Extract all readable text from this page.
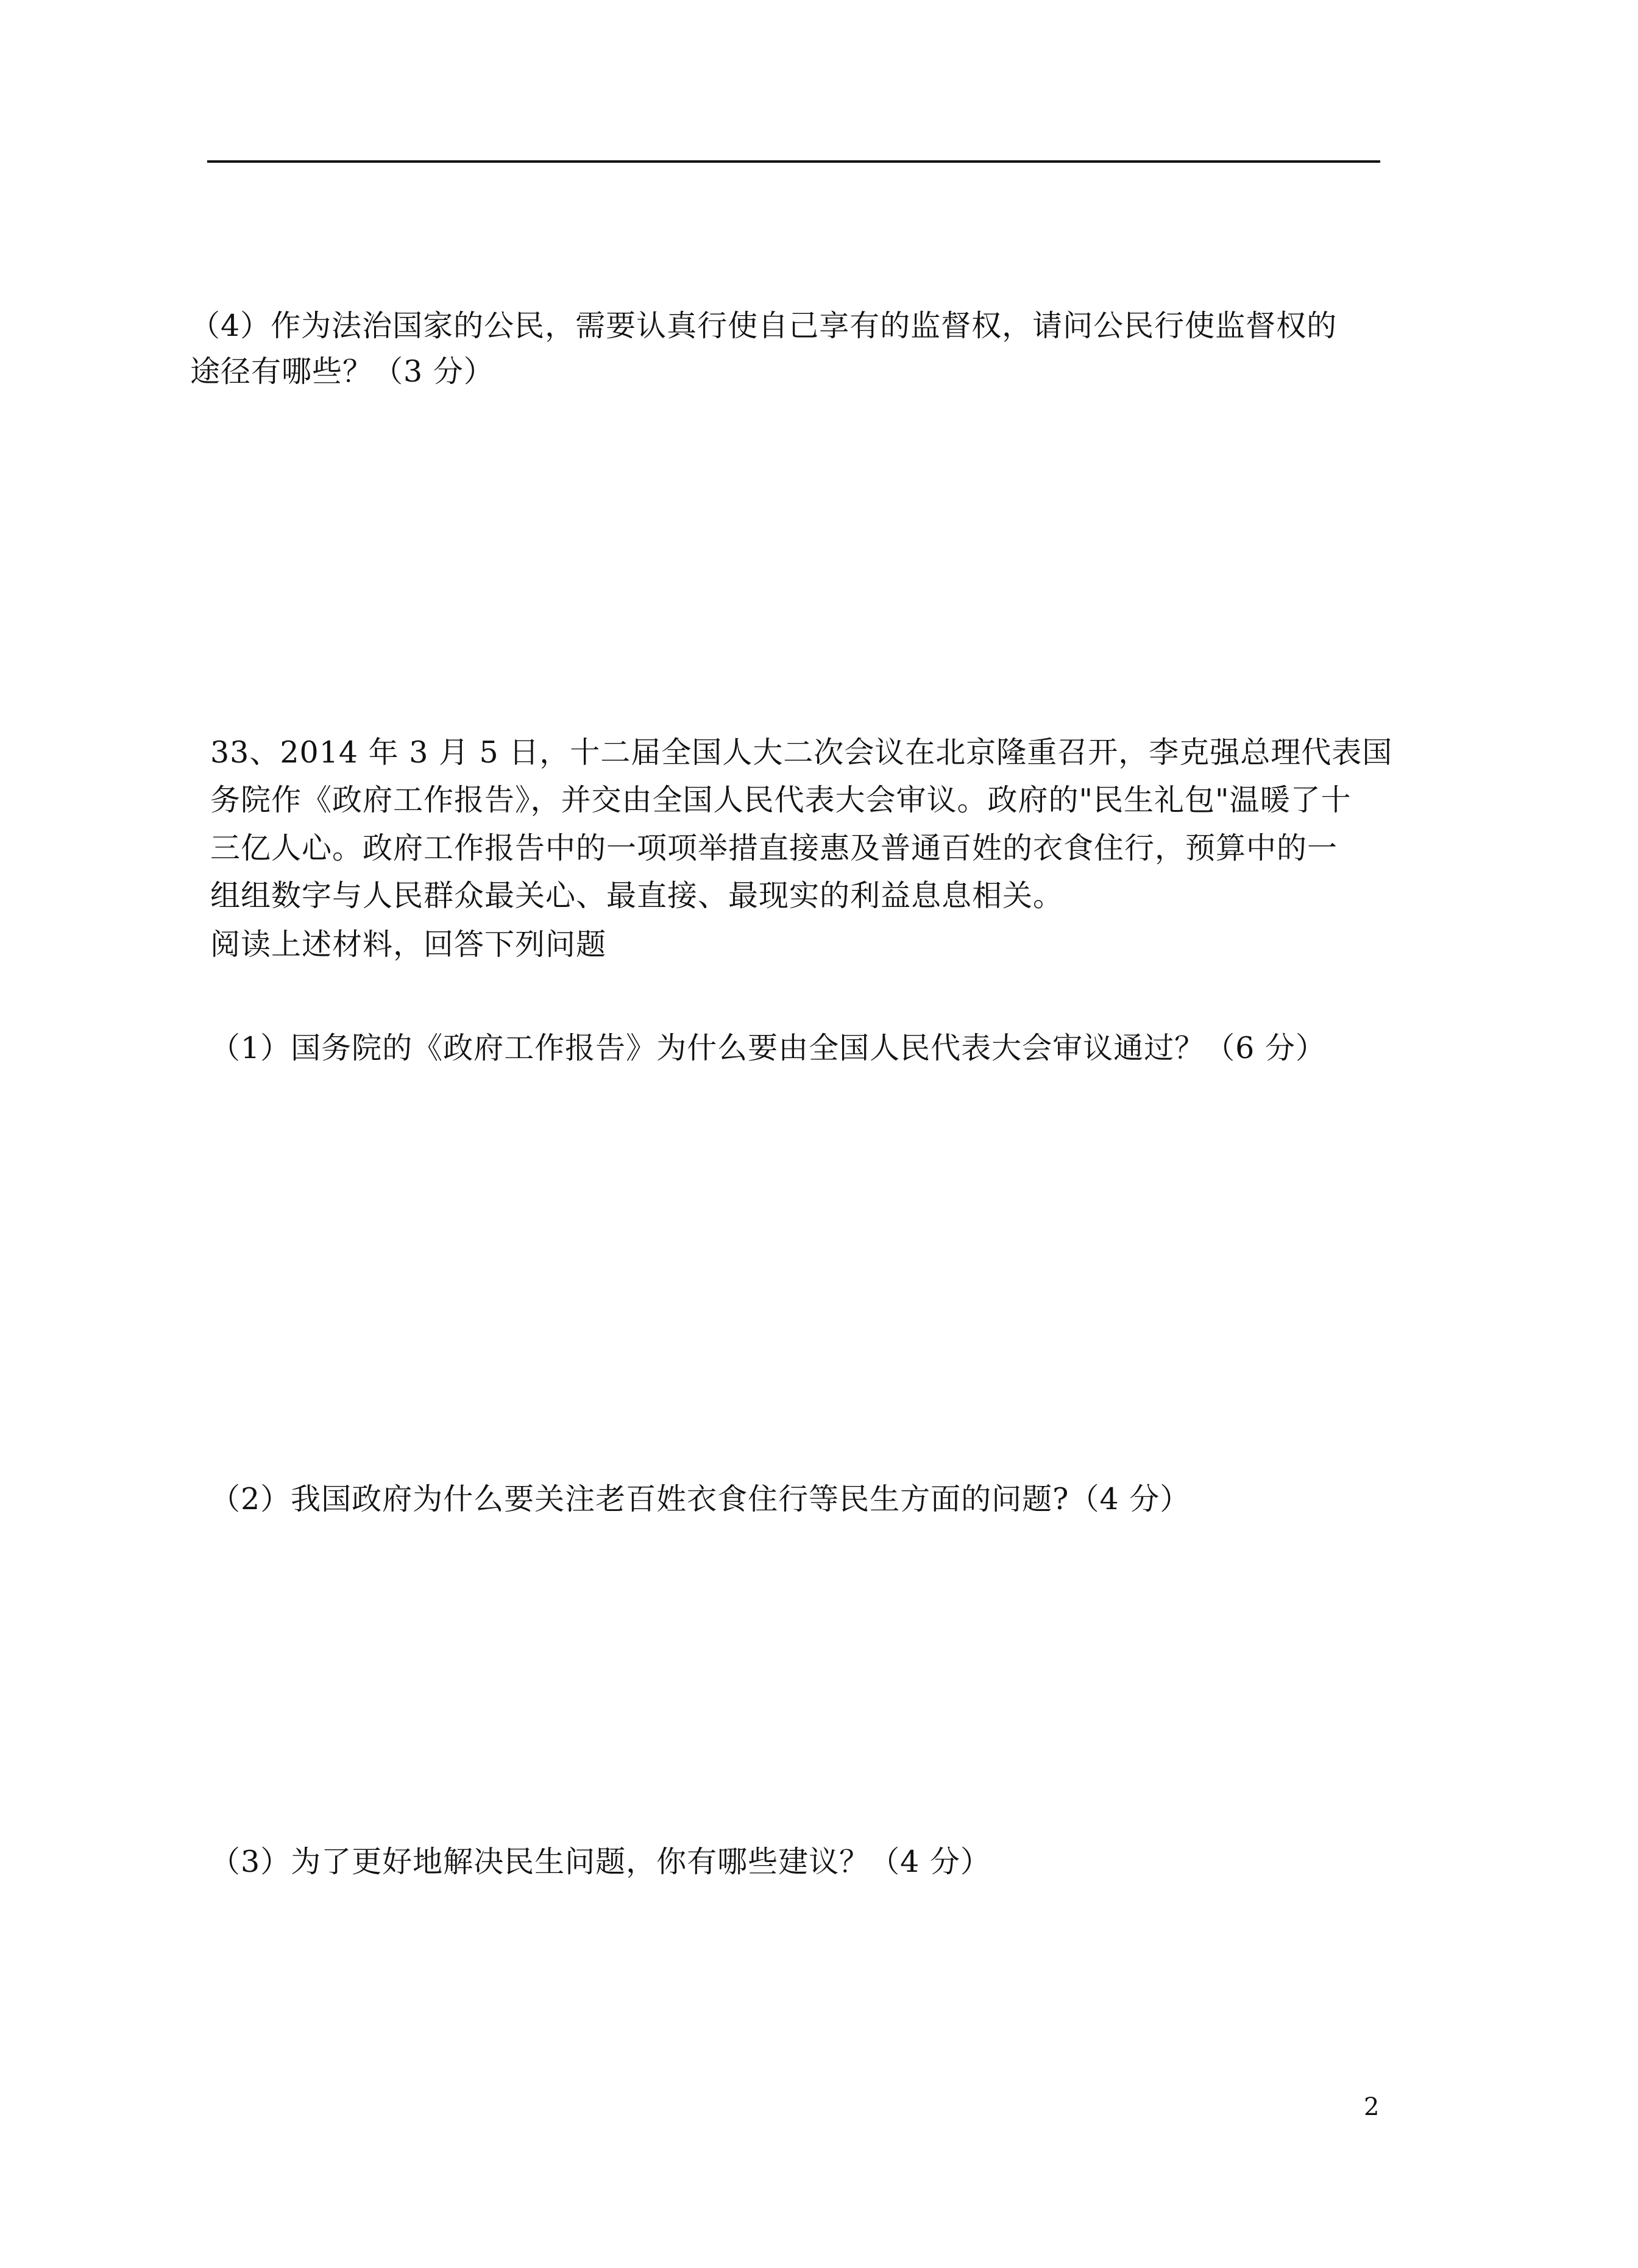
（4）作为法治国家的公民，需要认真行使自己享有的监督权，请问公民行使监督权的
途径有哪些？（3 分）
33、2014 年 3 月 5 日，十二届全国人大二次会议在北京隆重召开，李克强总理代表国
务院作《政府工作报告》，并交由全国人民代表大会审议。政府的"民生礼包"温暖了十
三亿人心。政府工作报告中的一项项举措直接惠及普通百姓的衣食住行，预算中的一
组组数字与人民群众最关心、最直接、最现实的利益息息相关。
阅读上述材料，回答下列问题
（1）国务院的《政府工作报告》为什么要由全国人民代表大会审议通过？（6 分）
（2）我国政府为什么要关注老百姓衣食住行等民生方面的问题?（4 分）
（3）为了更好地解决民生问题，你有哪些建议？（4 分）
2
